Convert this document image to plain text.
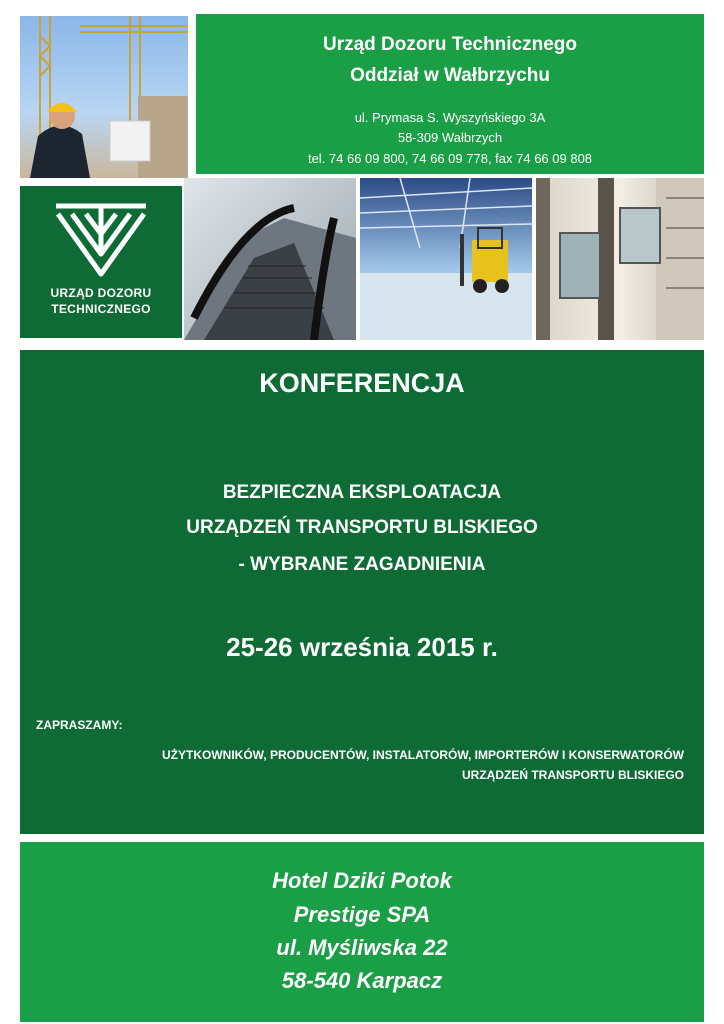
Urząd Dozoru Technicznego
Oddział w Wałbrzychu
ul. Prymasa S. Wyszyńskiego 3A
58-309 Wałbrzych
tel. 74 66 09 800, 74 66 09 778, fax 74 66 09 808
URZĄD DOZORU
TECHNICZNEGO
KONFERENCJA
BEZPIECZNA EKSPLOATACJA
URZĄDZEŃ TRANSPORTU BLISKIEGO
- WYBRANE ZAGADNIENIA
25-26 września 2015 r.
ZAPRASZAMY:
UŻYTKOWNIKÓW, PRODUCENTÓW, INSTALATORÓW, IMPORTERÓW I KONSERWATORÓW
URZĄDZEŃ TRANSPORTU BLISKIEGO
Hotel Dziki Potok
Prestige SPA
ul. Myśliwska 22
58-540 Karpacz
